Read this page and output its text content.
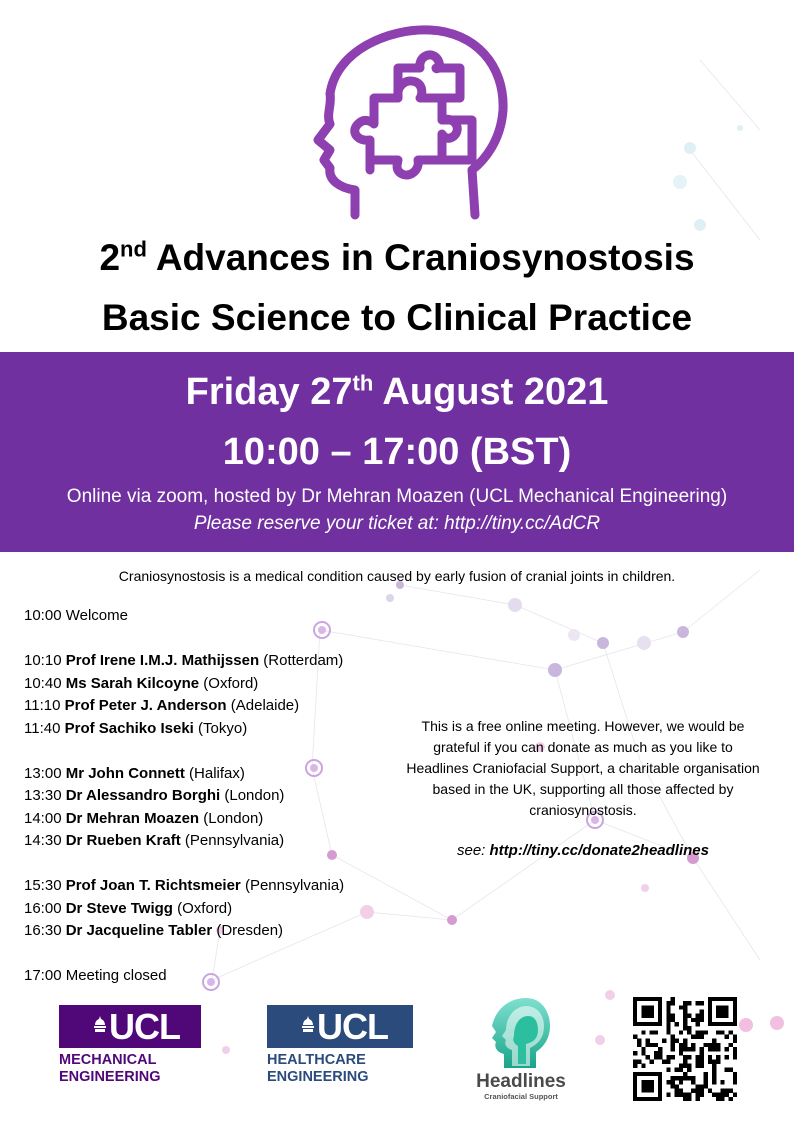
2nd Advances in Craniosynostosis
Basic Science to Clinical Practice
Friday 27th August 2021
10:00 – 17:00 (BST)
Online via zoom, hosted by Dr Mehran Moazen (UCL Mechanical Engineering)
Please reserve your ticket at: http://tiny.cc/AdCR
Craniosynostosis is a medical condition caused by early fusion of cranial joints in children.
10:00 Welcome
10:10 Prof Irene I.M.J. Mathijssen (Rotterdam)
10:40 Ms Sarah Kilcoyne (Oxford)
11:10 Prof Peter J. Anderson (Adelaide)
11:40 Prof Sachiko Iseki (Tokyo)
13:00 Mr John Connett (Halifax)
13:30 Dr Alessandro Borghi (London)
14:00 Dr Mehran Moazen (London)
14:30 Dr Rueben Kraft (Pennsylvania)
15:30 Prof Joan T. Richtsmeier (Pennsylvania)
16:00 Dr Steve Twigg (Oxford)
16:30 Dr Jacqueline Tabler (Dresden)
17:00 Meeting closed
This is a free online meeting. However, we would be grateful if you can donate as much as you like to Headlines Craniofacial Support, a charitable organisation based in the UK, supporting all those affected by craniosynostosis.
see: http://tiny.cc/donate2headlines
UCL
MECHANICAL
ENGINEERING
UCL
HEALTHCARE
ENGINEERING	Headlines
Craniofacial Support
